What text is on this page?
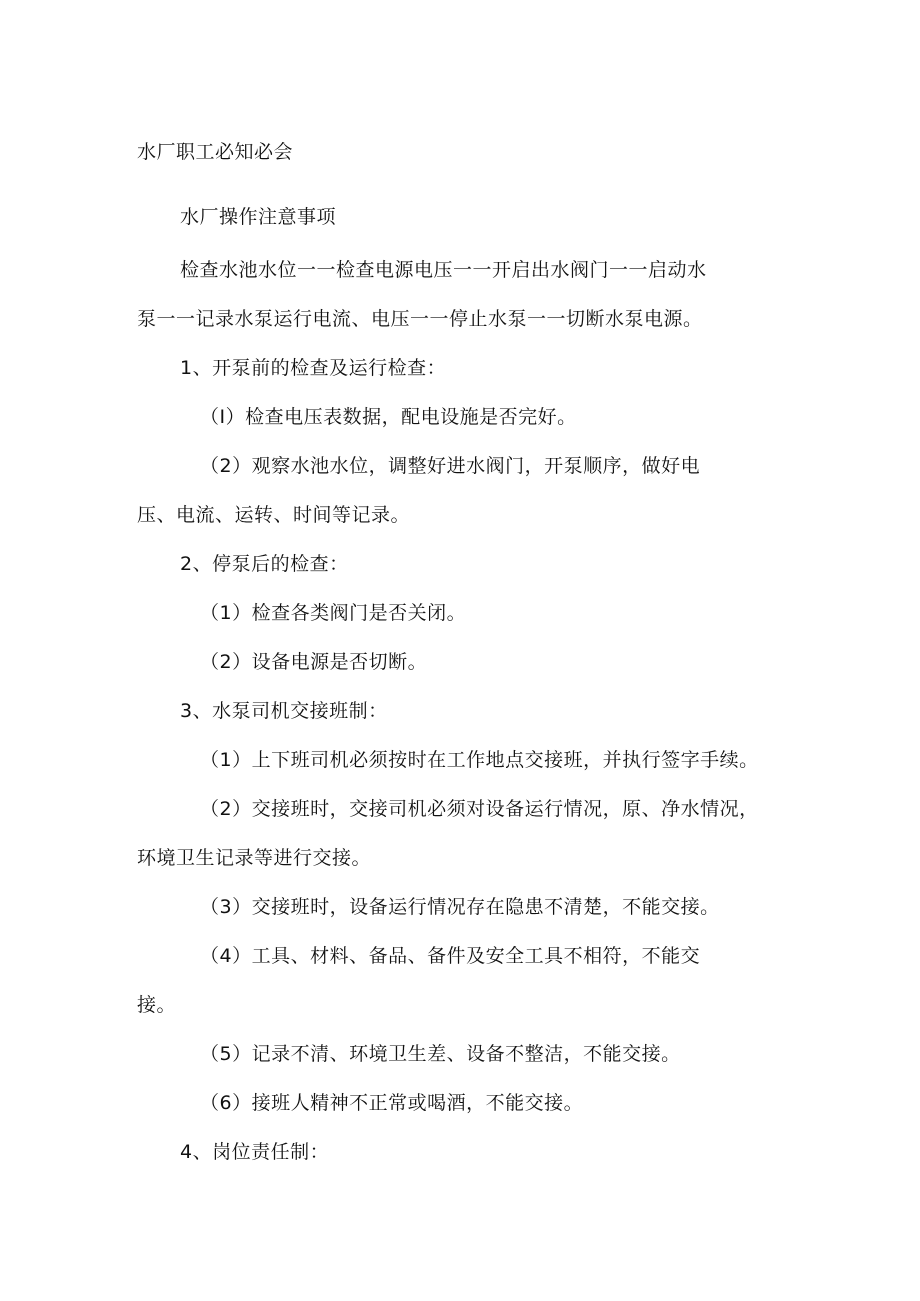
水厂职工必知必会
水厂操作注意事项
检查水池水位一一检查电源电压一一开启出水阀门一一启动水
泵一一记录水泵运行电流、电压一一停止水泵一一切断水泵电源。
1、开泵前的检查及运行检查：
（I）检查电压表数据，配电设施是否完好。
（2）观察水池水位，调整好进水阀门，开泵顺序，做好电
压、电流、运转、时间等记录。
2、停泵后的检查：
（1）检查各类阀门是否关闭。
（2）设备电源是否切断。
3、水泵司机交接班制：
（1）上下班司机必须按时在工作地点交接班，并执行签字手续。
（2）交接班时，交接司机必须对设备运行情况，原、净水情况，
环境卫生记录等进行交接。
（3）交接班时，设备运行情况存在隐患不清楚，不能交接。
（4）工具、材料、备品、备件及安全工具不相符，不能交
接。
（5）记录不清、环境卫生差、设备不整洁，不能交接。
（6）接班人精神不正常或喝酒，不能交接。
4、岗位责任制：
